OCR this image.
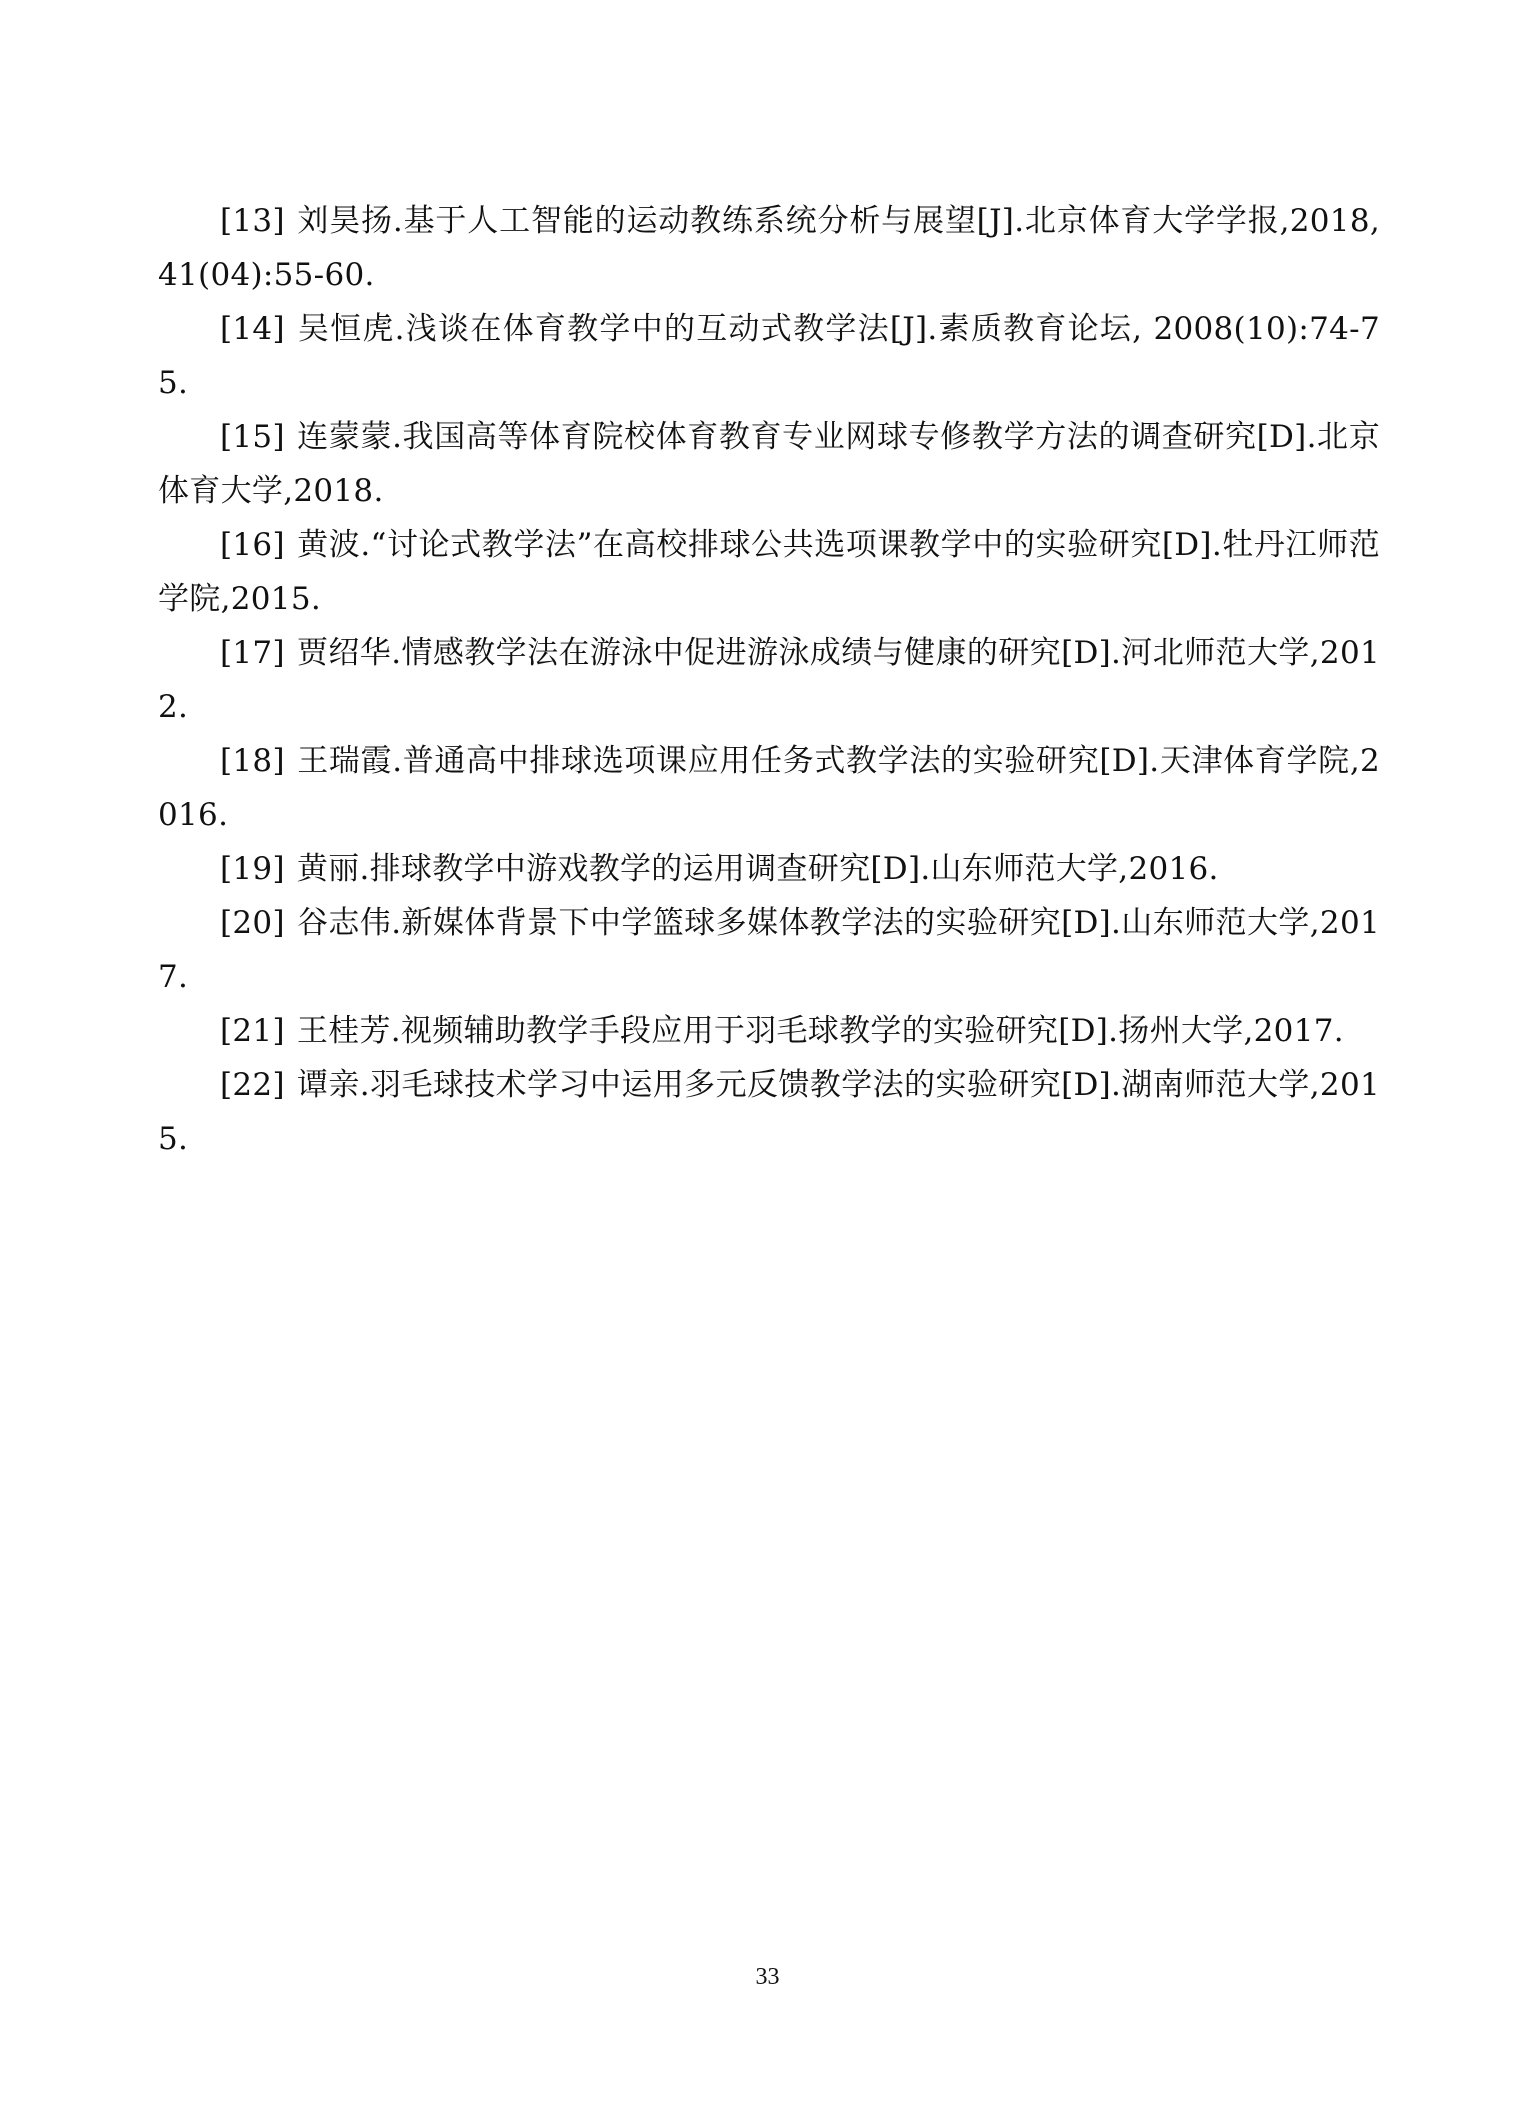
[13] 刘昊扬.基于人工智能的运动教练系统分析与展望[J].北京体育大学学报,2018,41(04):55-60.
[14] 吴恒虎.浅谈在体育教学中的互动式教学法[J].素质教育论坛, 2008(10):74-75.
[15] 连蒙蒙.我国高等体育院校体育教育专业网球专修教学方法的调查研究[D].北京体育大学,2018.
[16] 黄波.“讨论式教学法”在高校排球公共选项课教学中的实验研究[D].牡丹江师范学院,2015.
[17] 贾绍华.情感教学法在游泳中促进游泳成绩与健康的研究[D].河北师范大学,2012.
[18] 王瑞霞.普通高中排球选项课应用任务式教学法的实验研究[D].天津体育学院,2016.
[19] 黄丽.排球教学中游戏教学的运用调查研究[D].山东师范大学,2016.
[20] 谷志伟.新媒体背景下中学篮球多媒体教学法的实验研究[D].山东师范大学,2017.
[21] 王桂芳.视频辅助教学手段应用于羽毛球教学的实验研究[D].扬州大学,2017.
[22] 谭亲.羽毛球技术学习中运用多元反馈教学法的实验研究[D].湖南师范大学,2015.
33
